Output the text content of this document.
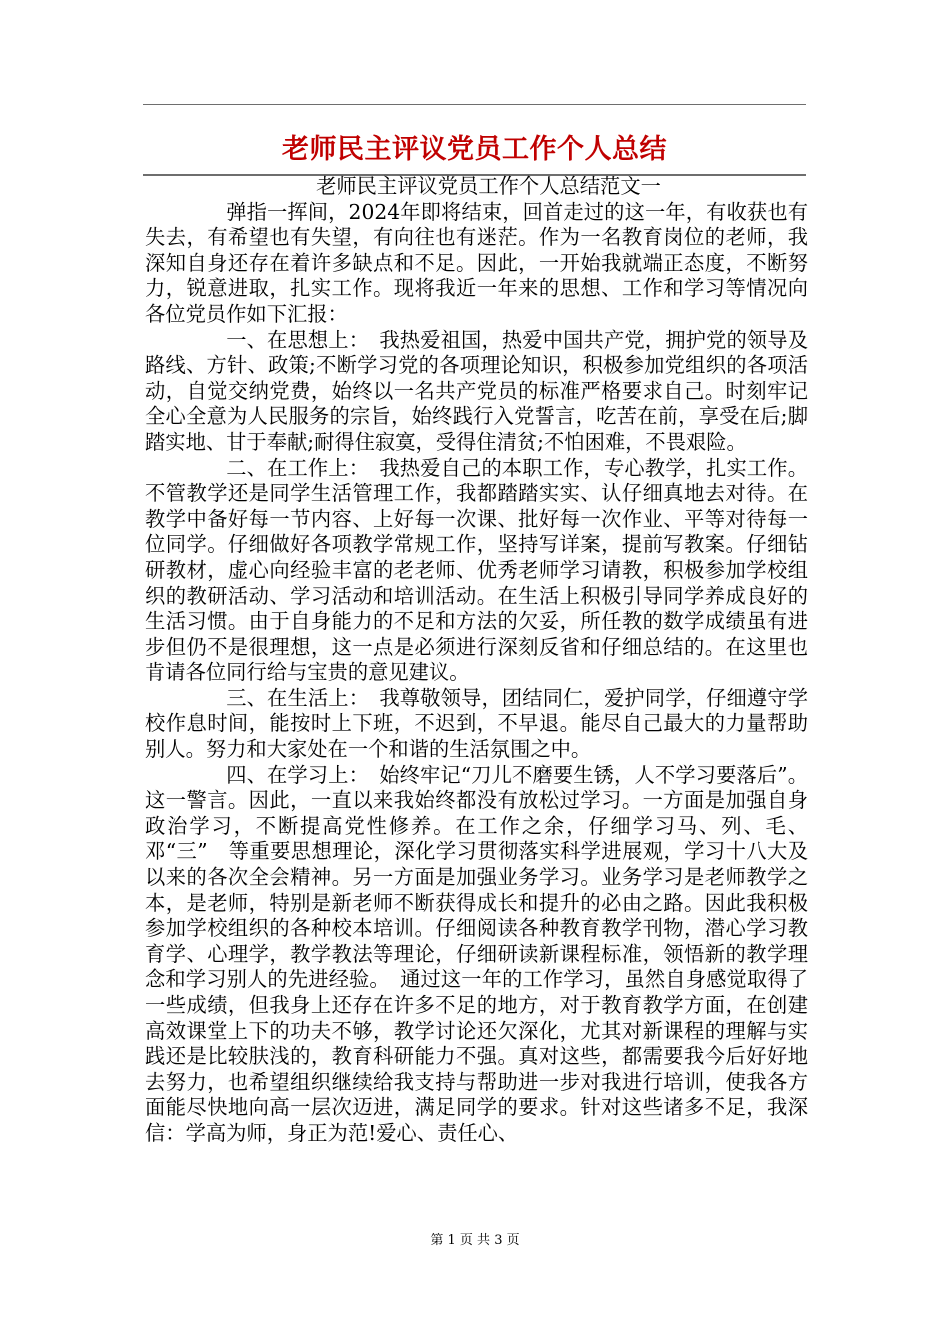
老师民主评议党员工作个人总结

老师民主评议党员工作个人总结范文一

弹指一挥间，2024年即将结束，回首走过的这一年，有收获也有失去，有希望也有失望，有向往也有迷茫。作为一名教育岗位的老师，我深知自身还存在着许多缺点和不足。因此，一开始我就端正态度，不断努力，锐意进取，扎实工作。现将我近一年来的思想、工作和学习等情况向各位党员作如下汇报：

一、在思想上：　我热爱祖国，热爱中国共产党，拥护党的领导及路线、方针、政策;不断学习党的各项理论知识，积极参加党组织的各项活动，自觉交纳党费，始终以一名共产党员的标准严格要求自己。时刻牢记全心全意为人民服务的宗旨，始终践行入党誓言，吃苦在前，享受在后;脚踏实地、甘于奉献;耐得住寂寞，受得住清贫;不怕困难，不畏艰险。

二、在工作上：　我热爱自己的本职工作，专心教学，扎实工作。不管教学还是同学生活管理工作，我都踏踏实实、认仔细真地去对待。在教学中备好每一节内容、上好每一次课、批好每一次作业、平等对待每一位同学。仔细做好各项教学常规工作，坚持写详案，提前写教案。仔细钻研教材，虚心向经验丰富的老老师、优秀老师学习请教，积极参加学校组织的教研活动、学习活动和培训活动。在生活上积极引导同学养成良好的生活习惯。由于自身能力的不足和方法的欠妥，所任教的数学成绩虽有进步但仍不是很理想，这一点是必须进行深刻反省和仔细总结的。在这里也肯请各位同行给与宝贵的意见建议。

三、在生活上：　我尊敬领导，团结同仁，爱护同学，仔细遵守学校作息时间，能按时上下班，不迟到，不早退。能尽自己最大的力量帮助别人。努力和大家处在一个和谐的生活氛围之中。

四、在学习上：　始终牢记“刀儿不磨要生锈，人不学习要落后”。这一警言。因此，一直以来我始终都没有放松过学习。一方面是加强自身政治学习，不断提高党性修养。在工作之余，仔细学习马、列、毛、邓“三”　等重要思想理论，深化学习贯彻落实科学进展观，学习十八大及以来的各次全会精神。另一方面是加强业务学习。业务学习是老师教学之本，是老师，特别是新老师不断获得成长和提升的必由之路。因此我积极参加学校组织的各种校本培训。仔细阅读各种教育教学刊物，潜心学习教育学、心理学，教学教法等理论，仔细研读新课程标准，领悟新的教学理念和学习别人的先进经验。　通过这一年的工作学习，虽然自身感觉取得了一些成绩，但我身上还存在许多不足的地方，对于教育教学方面，在创建高效课堂上下的功夫不够，教学讨论还欠深化，尤其对新课程的理解与实践还是比较肤浅的，教育科研能力不强。真对这些，都需要我今后好好地去努力，也希望组织继续给我支持与帮助进一步对我进行培训，使我各方面能尽快地向高一层次迈进，满足同学的要求。针对这些诸多不足，我深信：学高为师，身正为范!爱心、责任心、

第 1 页 共 3 页
